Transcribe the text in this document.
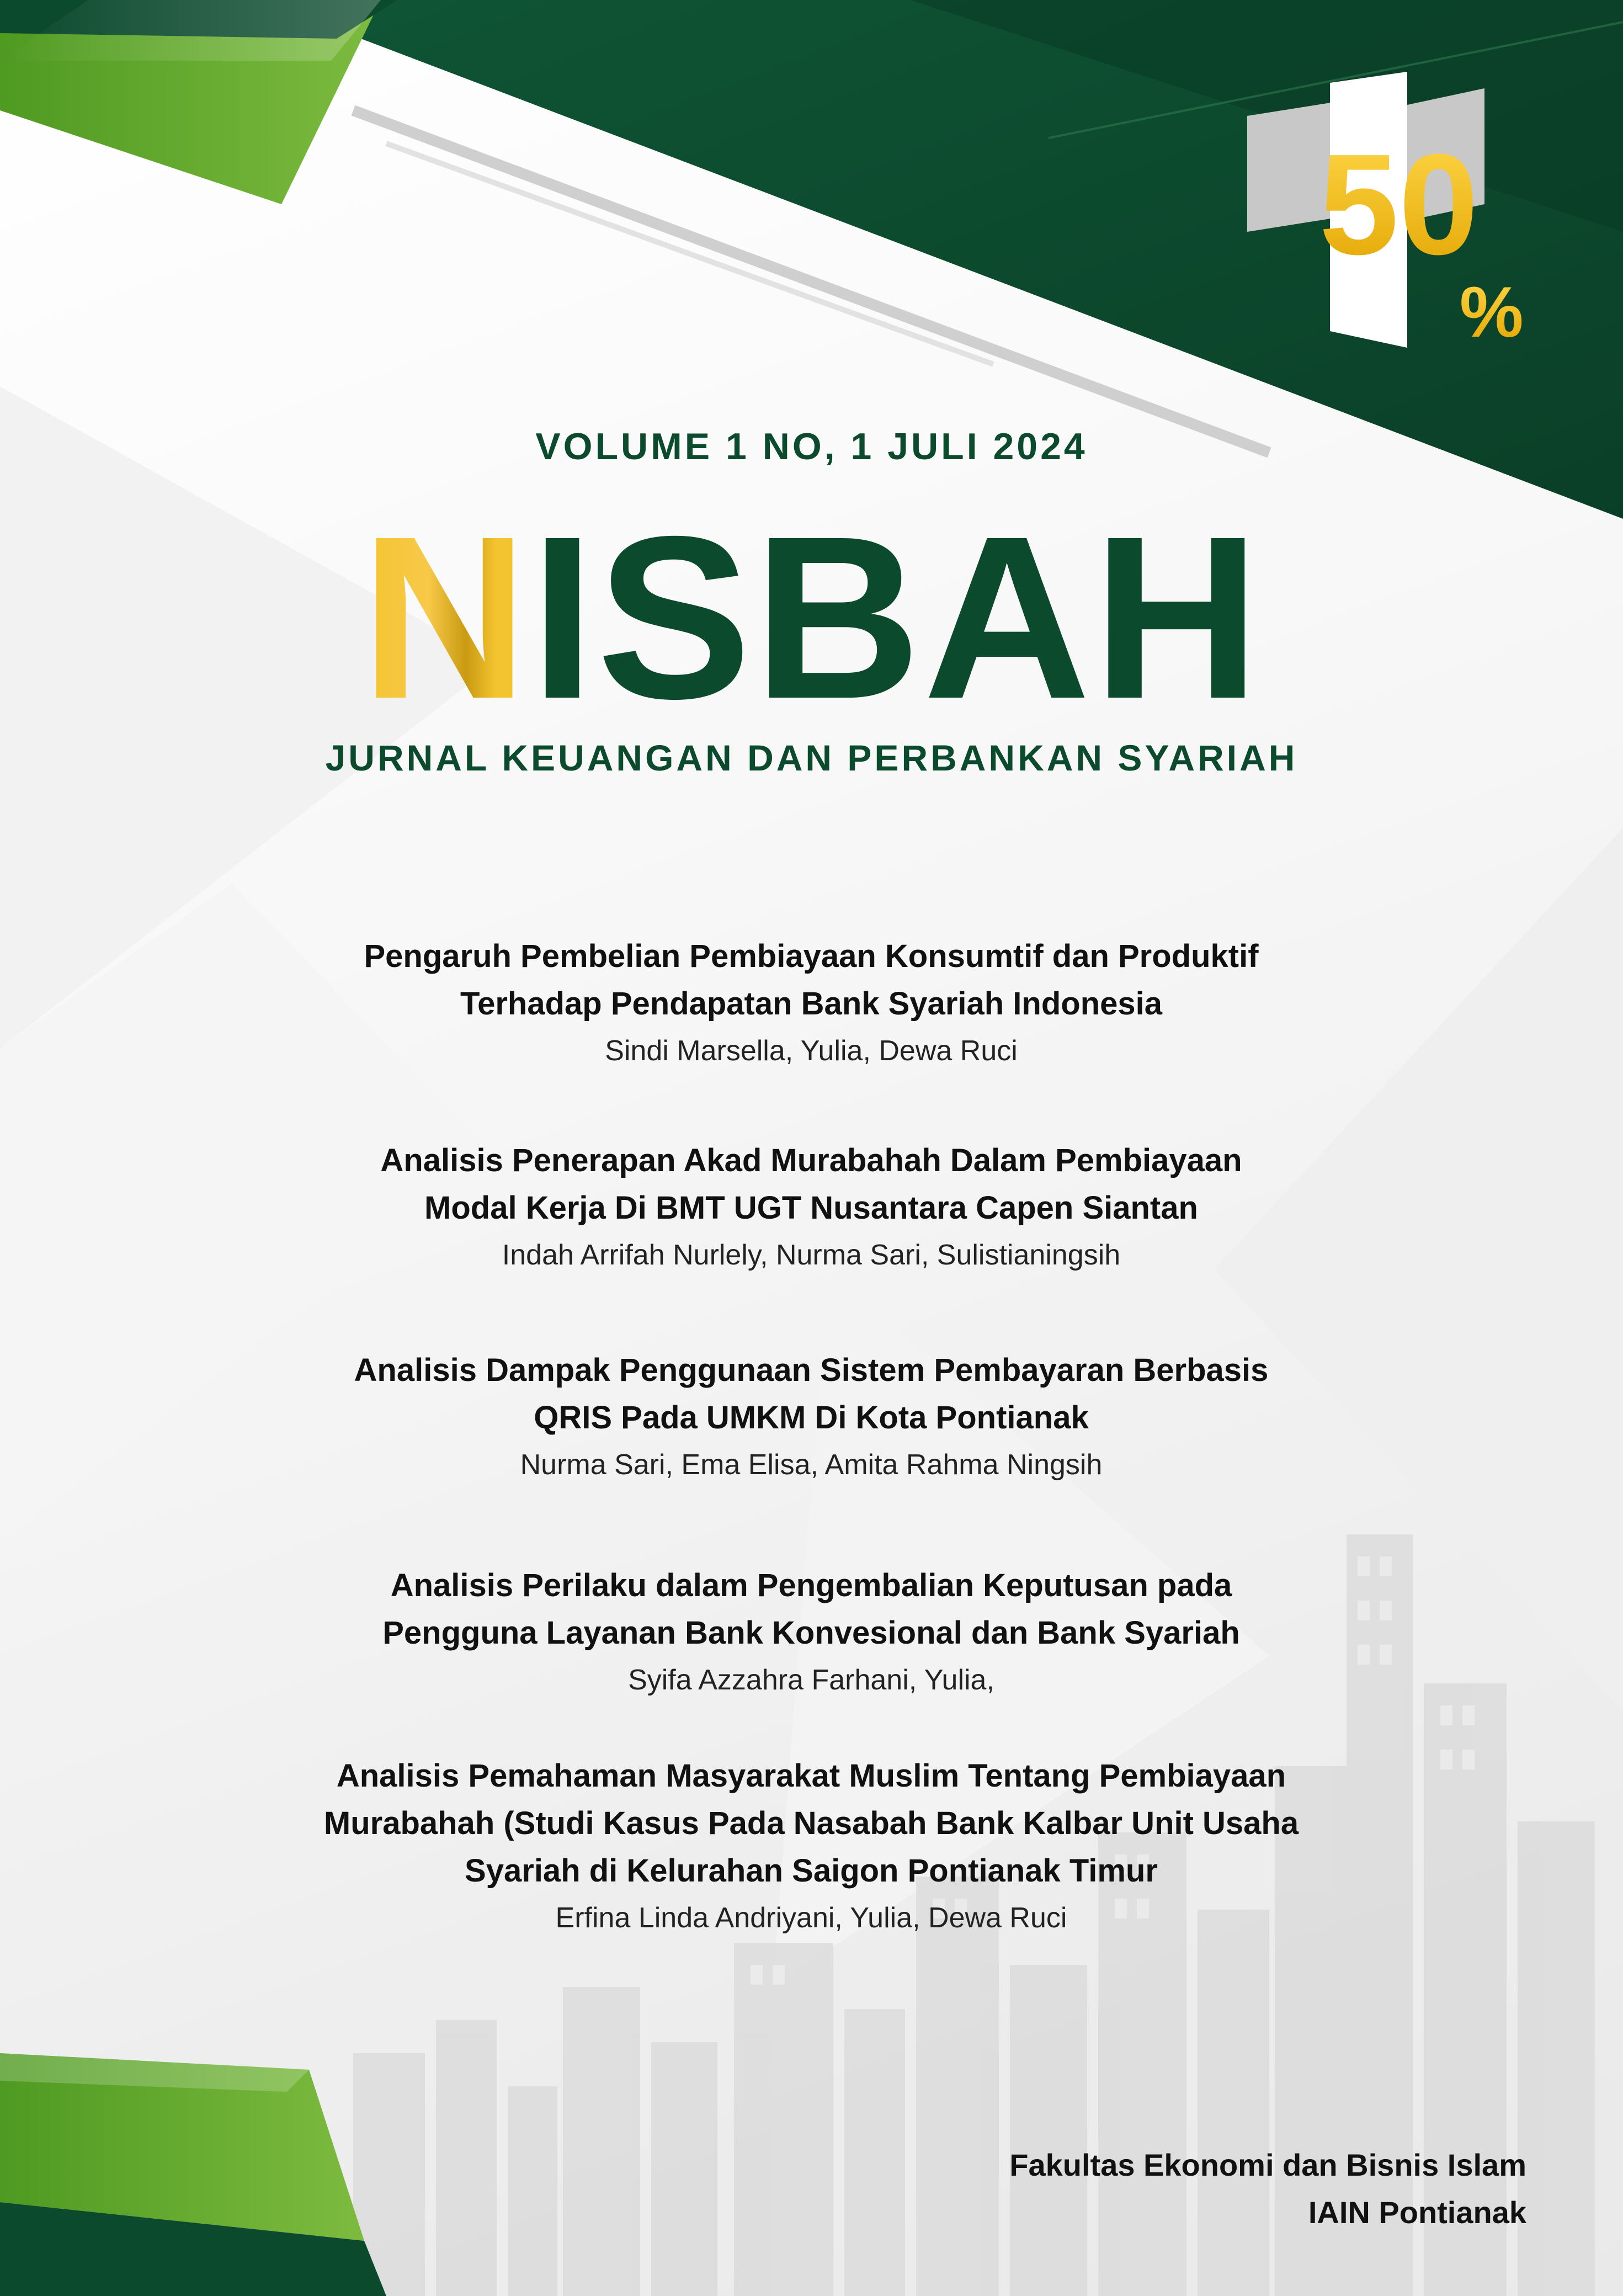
50
%
VOLUME 1 NO, 1 JULI 2024
N ISBAH
JURNAL KEUANGAN DAN PERBANKAN SYARIAH

Pengaruh Pembelian Pembiayaan Konsumtif dan Produktif
Terhadap Pendapatan Bank Syariah Indonesia

Sindi Marsella, Yulia, Dewa Ruci

Analisis Penerapan Akad Murabahah Dalam Pembiayaan
Modal Kerja Di BMT UGT Nusantara Capen Siantan

Indah Arrifah Nurlely, Nurma Sari, Sulistianingsih

Analisis Dampak Penggunaan Sistem Pembayaran Berbasis
QRIS Pada UMKM Di Kota Pontianak

Nurma Sari, Ema Elisa, Amita Rahma Ningsih

Analisis Perilaku dalam Pengembalian Keputusan pada
Pengguna Layanan Bank Konvesional dan Bank Syariah

Syifa Azzahra Farhani, Yulia,

Analisis Pemahaman Masyarakat Muslim Tentang Pembiayaan
Murabahah (Studi Kasus Pada Nasabah Bank Kalbar Unit Usaha
Syariah di Kelurahan Saigon Pontianak Timur

Erfina Linda Andriyani, Yulia, Dewa Ruci

Fakultas Ekonomi dan Bisnis Islam
IAIN Pontianak
